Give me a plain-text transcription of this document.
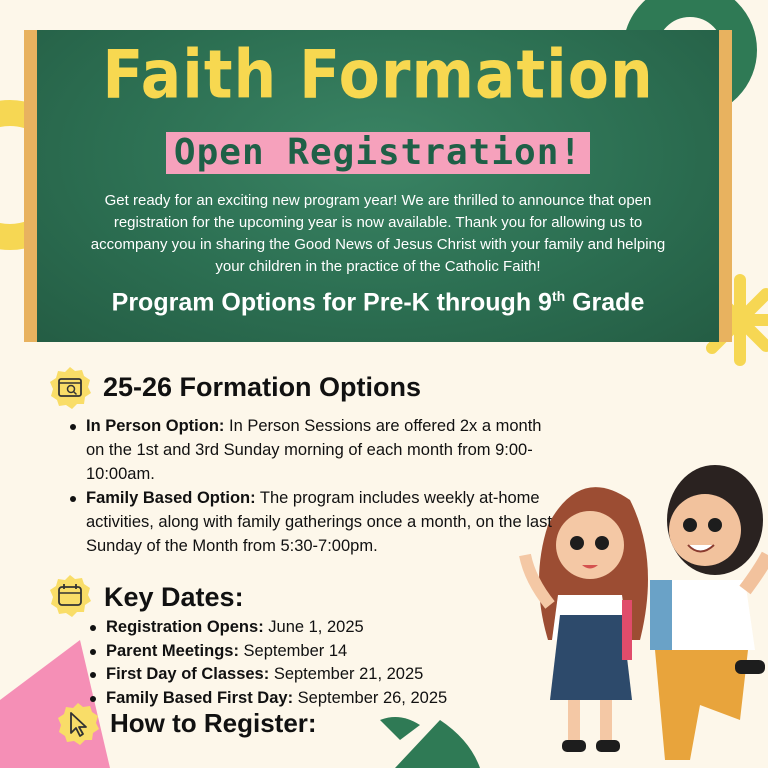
Faith Formation
Open Registration!

Get ready for an exciting new program year! We are thrilled to announce that open registration for the upcoming year is now available. Thank you for allowing us to accompany you in sharing the Good News of Jesus Christ with your family and helping your children in the practice of the Catholic Faith!

Program Options for Pre-K through 9th Grade
25-26 Formation Options
In Person Option: In Person Sessions are offered 2x a month on the 1st and 3rd Sunday morning of each month from 9:00-10:00am.
Family Based Option: The program includes weekly at-home activities, along with family gatherings once a month, on the last Sunday of the Month from 5:30-7:00pm.
Key Dates:
Registration Opens: June 1, 2025
Parent Meetings: September 14
First Day of Classes: September 21, 2025
Family Based First Day: September 26, 2025
How to Register:
